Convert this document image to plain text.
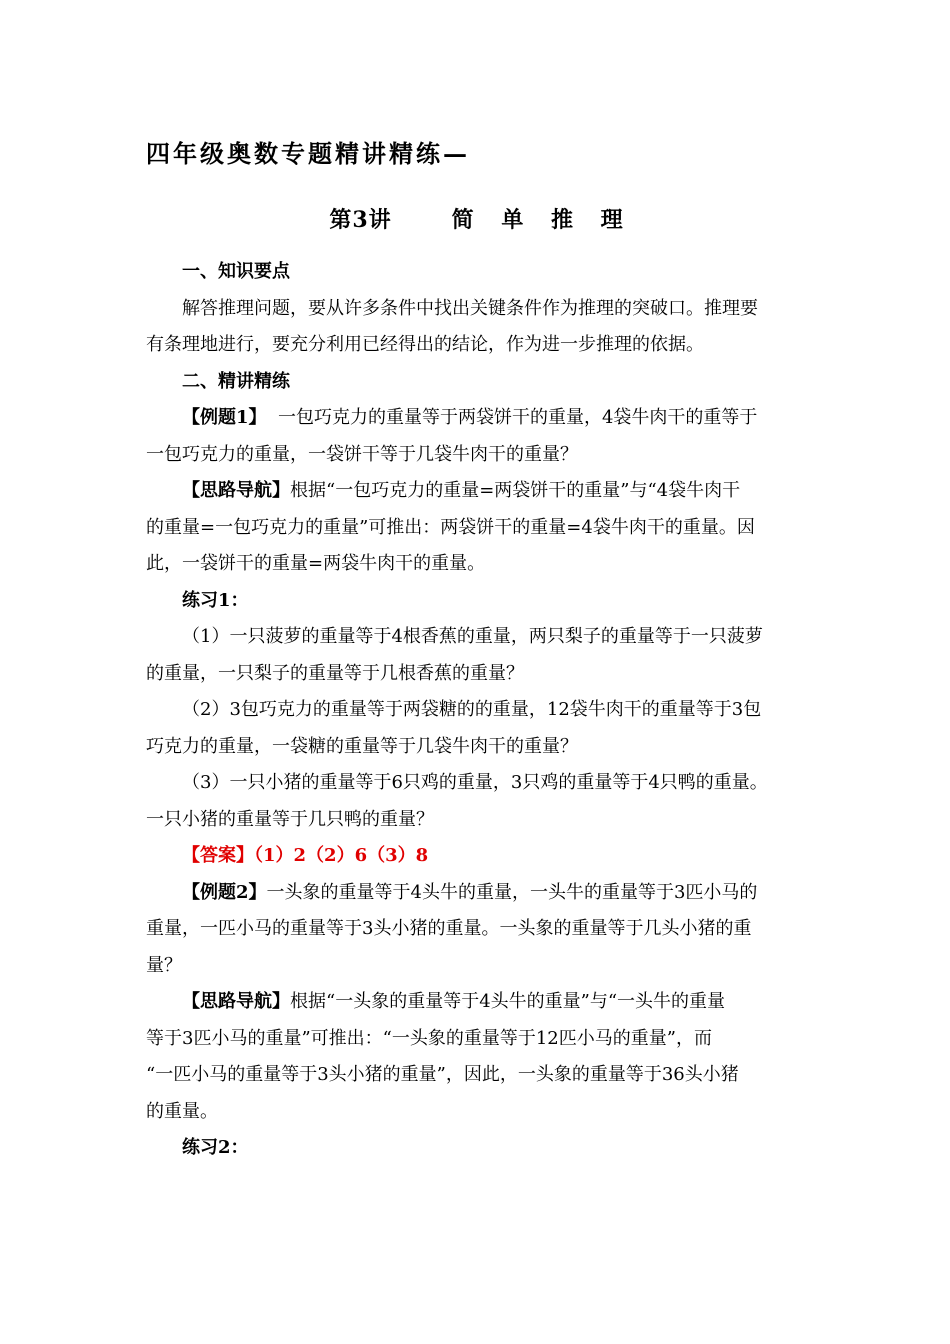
四年级奥数专题精讲精练—
第3讲	简 单 推 理

一、知识要点

解答推理问题，要从许多条件中找出关键条件作为推理的突破口。推理要

有条理地进行，要充分利用已经得出的结论，作为进一步推理的依据。

二、精讲精练

【例题1】  一包巧克力的重量等于两袋饼干的重量，4袋牛肉干的重等于

一包巧克力的重量，一袋饼干等于几袋牛肉干的重量？

【思路导航】根据“一包巧克力的重量=两袋饼干的重量”与“4袋牛肉干

的重量=一包巧克力的重量”可推出：两袋饼干的重量=4袋牛肉干的重量。因

此，一袋饼干的重量=两袋牛肉干的重量。

练习1：

（1）一只菠萝的重量等于4根香蕉的重量，两只梨子的重量等于一只菠萝

的重量，一只梨子的重量等于几根香蕉的重量？

（2）3包巧克力的重量等于两袋糖的的重量，12袋牛肉干的重量等于3包

巧克力的重量，一袋糖的重量等于几袋牛肉干的重量？

（3）一只小猪的重量等于6只鸡的重量，3只鸡的重量等于4只鸭的重量。

一只小猪的重量等于几只鸭的重量？

【答案】（1）2（2）6（3）8

【例题2】一头象的重量等于4头牛的重量，一头牛的重量等于3匹小马的

重量，一匹小马的重量等于3头小猪的重量。一头象的重量等于几头小猪的重

量？

【思路导航】根据“一头象的重量等于4头牛的重量”与“一头牛的重量

等于3匹小马的重量”可推出：“一头象的重量等于12匹小马的重量”，而

“一匹小马的重量等于3头小猪的重量”，因此，一头象的重量等于36头小猪

的重量。

练习2：
